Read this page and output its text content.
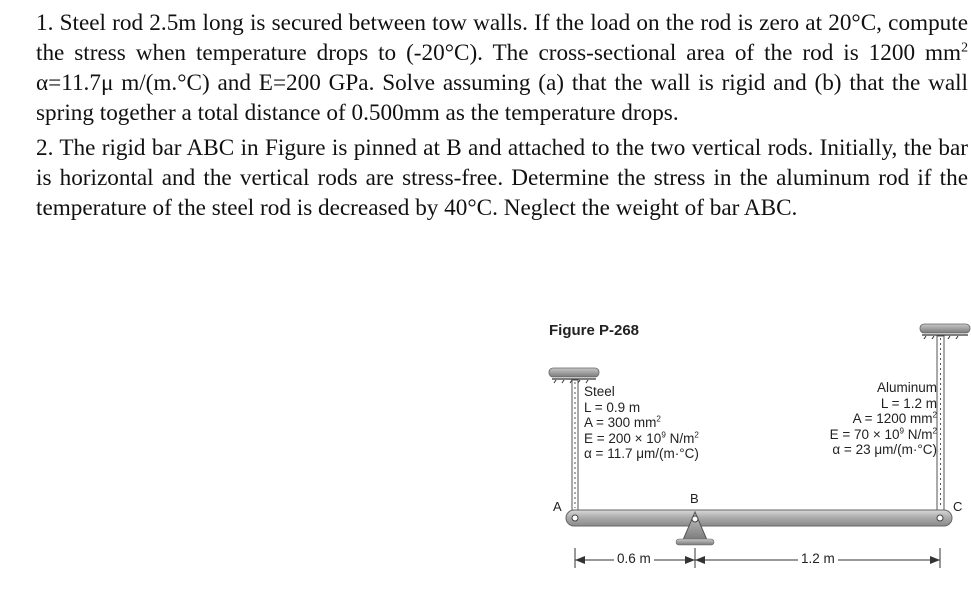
1. Steel rod 2.5m long is secured between tow walls. If the load on the rod is zero at 20°C, compute the stress when temperature drops to (-20°C). The cross-sectional area of the rod is 1200 $mm^2$ α=11.7μ m/(m.°C) and E=200 GPa. Solve assuming (a) that the wall is rigid and (b) that the wall spring together a total distance of 0.500mm as the temperature drops.

2. The rigid bar ABC in Figure is pinned at B and attached to the two vertical rods. Initially, the bar is horizontal and the vertical rods are stress-free. Determine the stress in the aluminum rod if the temperature of the steel rod is decreased by 40°C. Neglect the weight of bar ABC.

Figure P-268
Steel
L = 0.9 m
A = 300 $mm^2$
$E = 200 \times 10^9$ $N/m^2$
α = 11.7 μm/(m·°C)
Aluminum
L = 1.2 m
A = 1200 $mm^2$
$E = 70 \times 10^9$ $N/m^2$
α = 23 μm/(m·°C)
A
B
C
0.6 m	1.2 m
